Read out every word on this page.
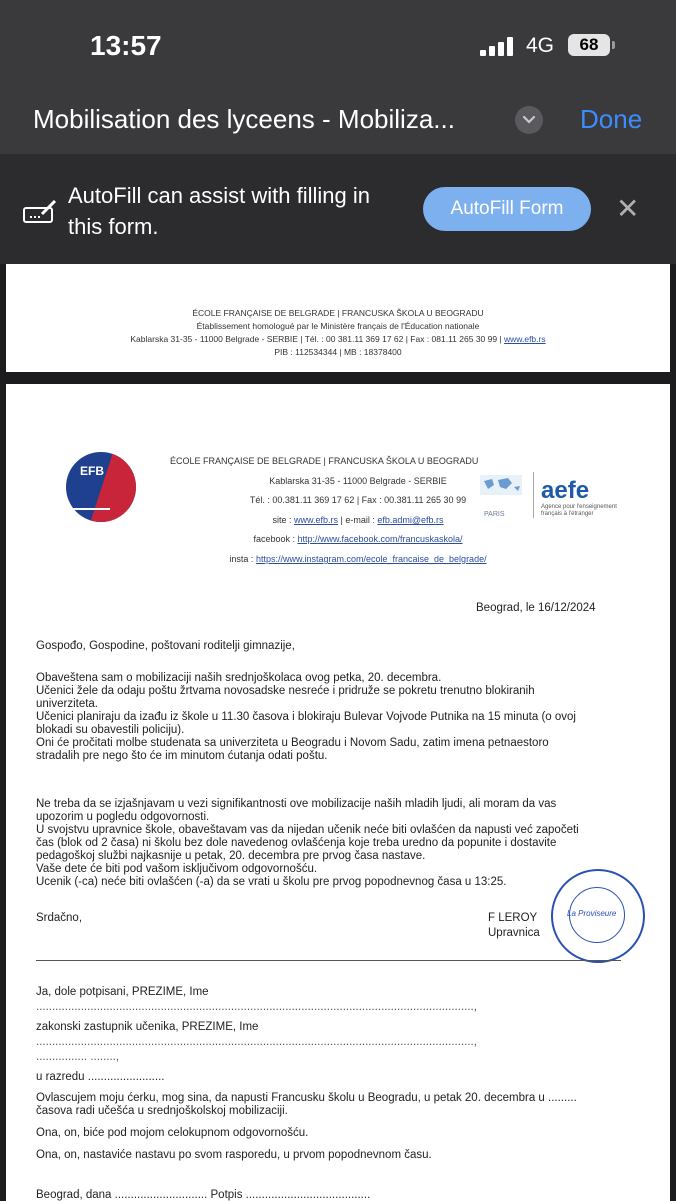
13:57	4G	68
Mobilisation des lyceens - Mobiliza...	Done
AutoFill can assist with filling in this form.
AutoFill Form	✕
ÉCOLE FRANÇAISE DE BELGRADE | FRANCUSKA ŠKOLA U BEOGRADU
Établissement homologué par le Ministère français de l'Éducation nationale
Kablarska 31-35 - 11000 Belgrade - SERBIE | Tél. : 00 381.11 369 17 62 | Fax : 081.11 265 30 99 | www.efb.rs
PIB : 112534344 | MB : 18378400
EFB
ÉCOLE FRANÇAISE DE BELGRADE | FRANCUSKA ŠKOLA U BEOGRADU
Kablarska 31-35 - 11000 Belgrade - SERBIE
Tél. : 00.381.11 369 17 62 | Fax : 00.381.11 265 30 99
site : www.efb.rs | e-mail : efb.admi@efb.rs
facebook : http://www.facebook.com/francuskaskola/
insta : https://www.instagram.com/ecole_francaise_de_belgrade/
PARIS
aefe
Agence pour l'enseignement français à l'étranger
Beograd, le 16/12/2024
Gospođo, Gospodine, poštovani roditelji gimnazije,
Obaveštena sam o mobilizaciji naših srednjoškolaca ovog petka, 20. decembra.
Učenici žele da odaju poštu žrtvama novosadske nesreće i pridruže se pokretu trenutno blokiranih
univerziteta.
Učenici planiraju da izađu iz škole u 11.30 časova i blokiraju Bulevar Vojvode Putnika na 15 minuta (o ovoj
blokadi su obavestili policiju).
Oni će pročitati molbe studenata sa univerziteta u Beogradu i Novom Sadu, zatim imena petnaestoro
stradalih pre nego što će im minutom ćutanja odati poštu.
Ne treba da se izjašnjavam u vezi signifikantnosti ove mobilizacije naših mladih ljudi, ali moram da vas
upozorim u pogledu odgovornosti.
U svojstvu upravnice škole, obaveštavam vas da nijedan učenik neće biti ovlašćen da napusti već započeti
čas (blok od 2 časa) ni školu bez dole navedenog ovlašćenja koje treba uredno da popunite i dostavite
pedagoškoj službi najkasnije u petak, 20. decembra pre prvog časa nastave.
Vaše dete će biti pod vašom isključivom odgovornošću.
Ucenik (-ca) neće biti ovlašćen (-a) da se vrati u školu pre prvog popodnevnog časa u 13:25.
Srdačno,	F LEROY
Upravnica
La Proviseure
Ja, dole potpisani, PREZIME, Ime
.........................................................................................................................................,
zakonski zastupnik učenika, PREZIME, Ime
.........................................................................................................................................,
................ ........,
u razredu ........................
Ovlascujem moju ćerku, mog sina, da napusti Francusku školu u Beogradu, u petak 20. decembra u .........
časova radi učešća u srednjoškolskoj mobilizaciji.
Ona, on, biće pod mojom celokupnom odgovornošću.
Ona, on, nastaviće nastavu po svom rasporedu, u prvom popodnevnom času.
Beograd, dana ............................. Potpis .......................................
